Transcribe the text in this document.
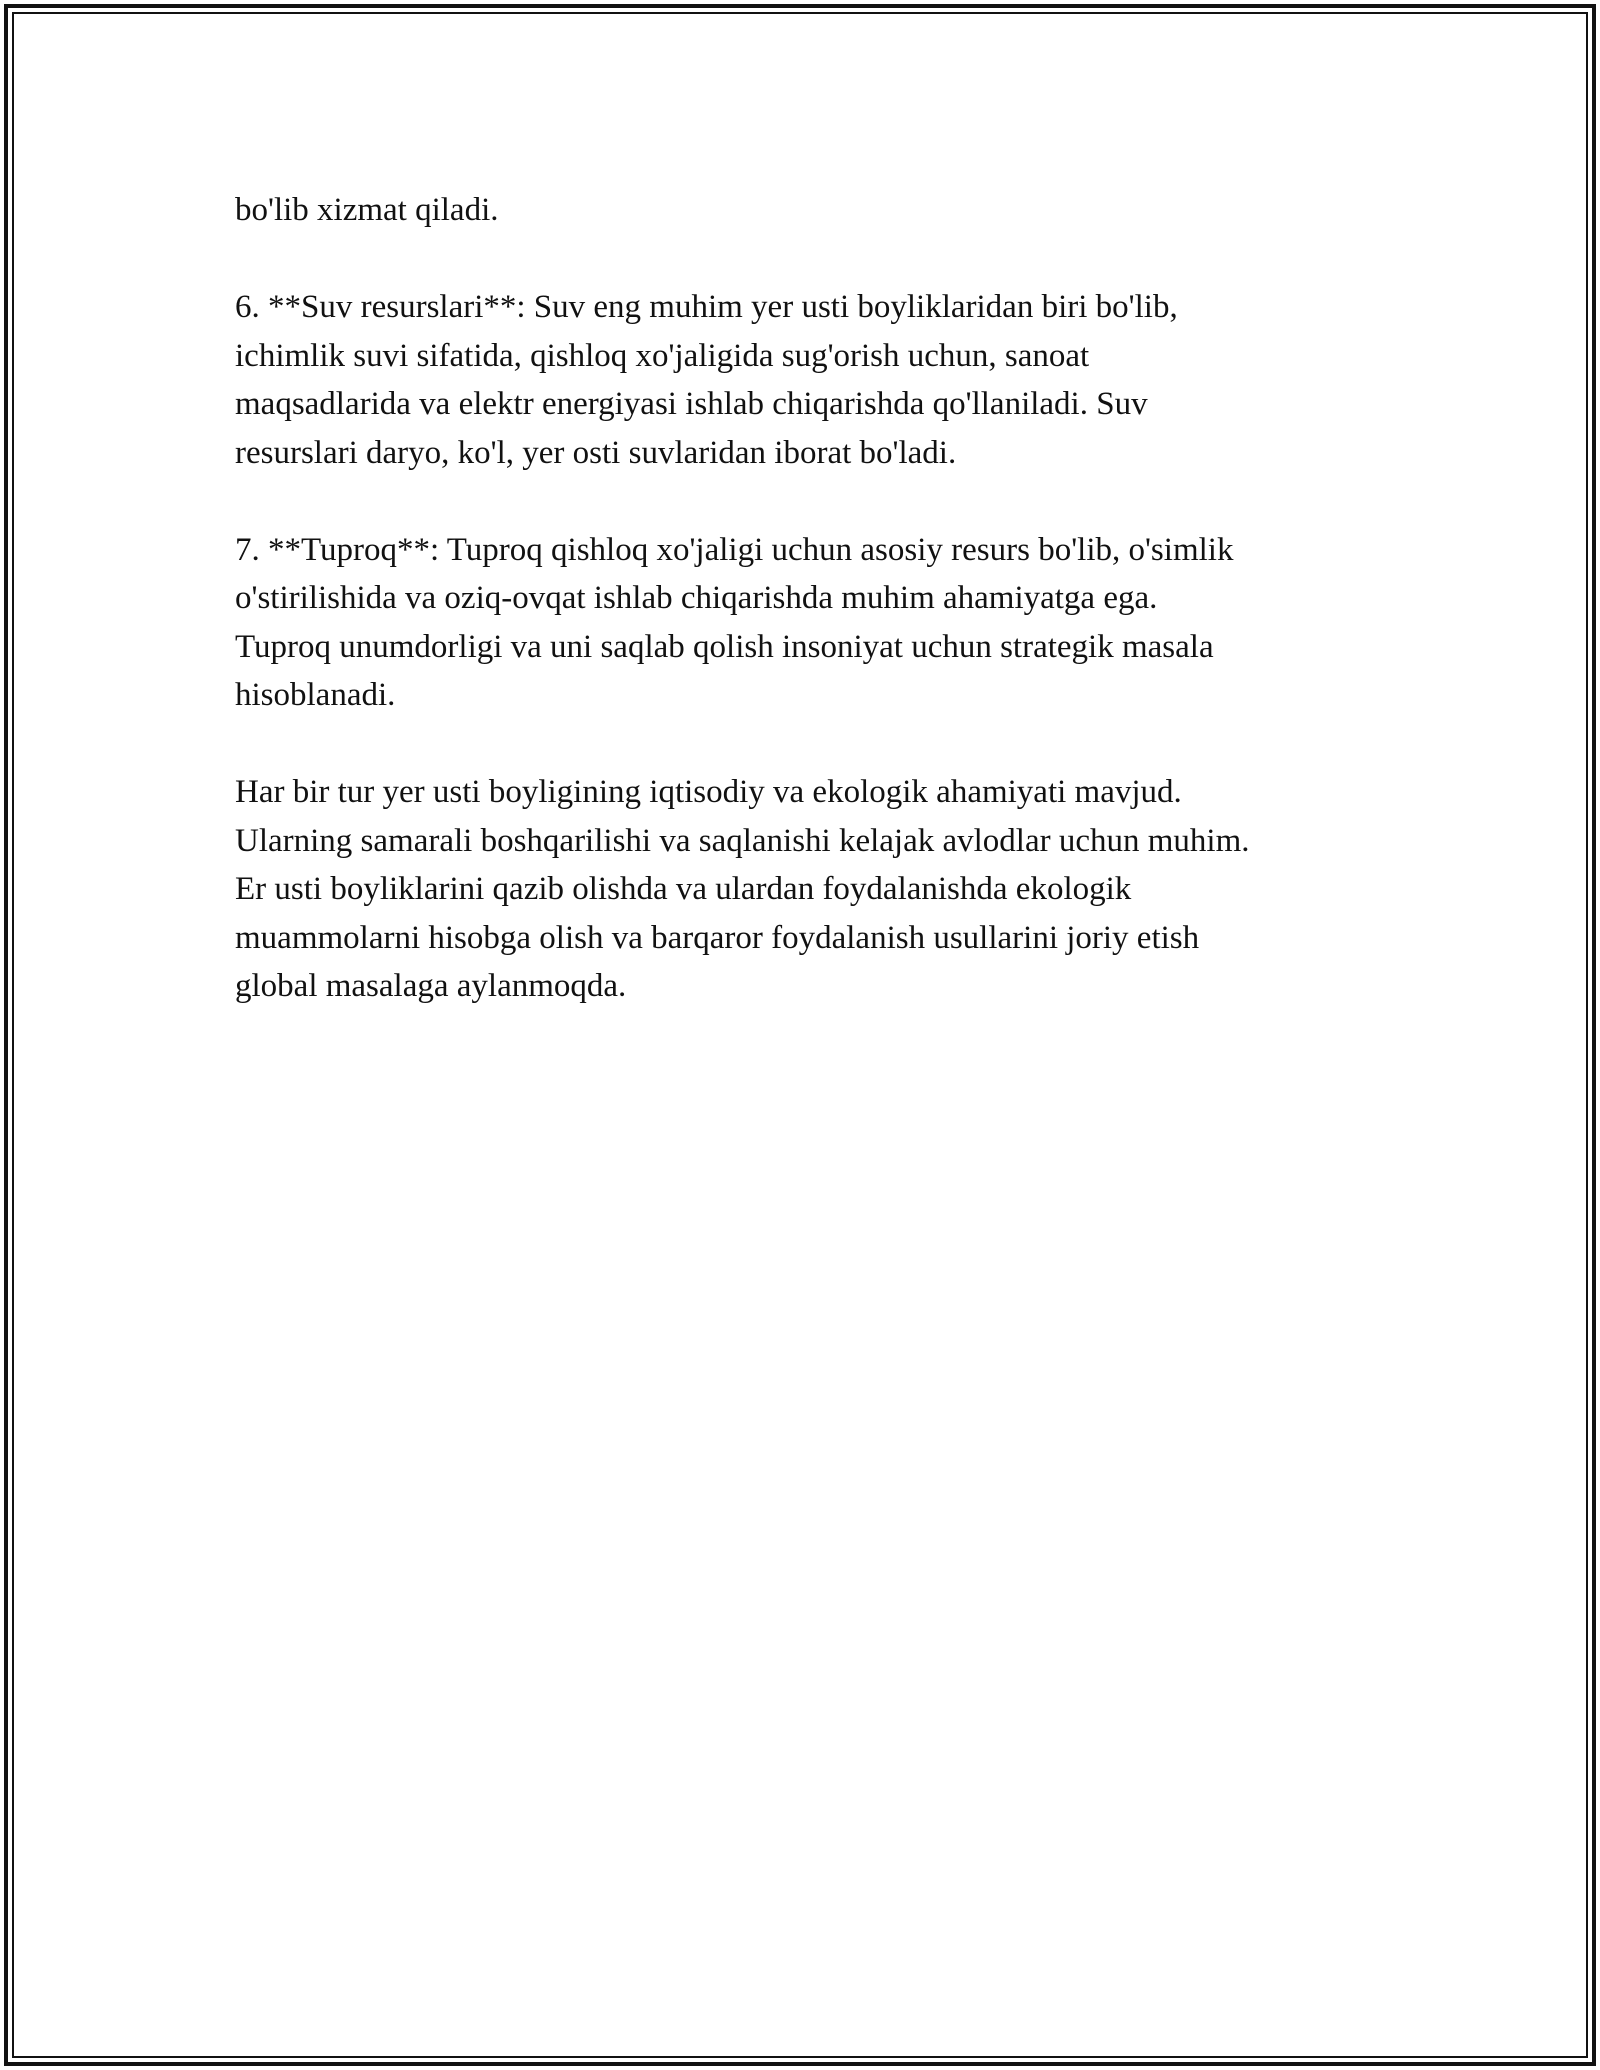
bo'lib xizmat qiladi.

6. **Suv resurslari**: Suv eng muhim yer usti boyliklaridan biri bo'lib,
ichimlik suvi sifatida, qishloq xo'jaligida sug'orish uchun, sanoat
maqsadlarida va elektr energiyasi ishlab chiqarishda qo'llaniladi. Suv
resurslari daryo, ko'l, yer osti suvlaridan iborat bo'ladi.

7. **Tuproq**: Tuproq qishloq xo'jaligi uchun asosiy resurs bo'lib, o'simlik
o'stirilishida va oziq-ovqat ishlab chiqarishda muhim ahamiyatga ega.
Tuproq unumdorligi va uni saqlab qolish insoniyat uchun strategik masala
hisoblanadi.

Har bir tur yer usti boyligining iqtisodiy va ekologik ahamiyati mavjud.
Ularning samarali boshqarilishi va saqlanishi kelajak avlodlar uchun muhim.
Er usti boyliklarini qazib olishda va ulardan foydalanishda ekologik
muammolarni hisobga olish va barqaror foydalanish usullarini joriy etish
global masalaga aylanmoqda.
